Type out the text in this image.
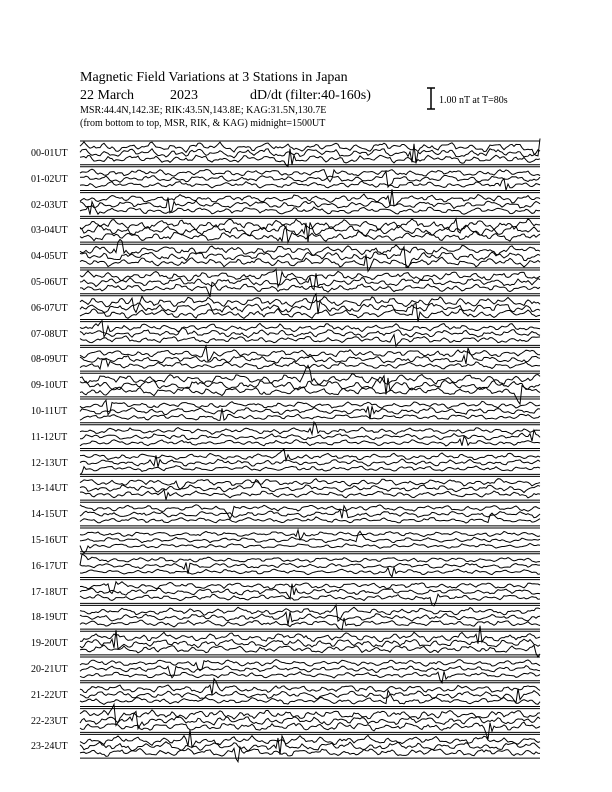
Magnetic Field Variations at 3 Stations in Japan
22 March	2023	dD/dt (filter:40-160s)
MSR:44.4N,142.3E; RIK:43.5N,143.8E; KAG:31.5N,130.7E
(from bottom to top, MSR, RIK, & KAG) midnight=1500UT
1.00 nT at T=80s
00-01UT
01-02UT
02-03UT
03-04UT
04-05UT
05-06UT
06-07UT
07-08UT
08-09UT
09-10UT
10-11UT
11-12UT
12-13UT
13-14UT
14-15UT
15-16UT
16-17UT
17-18UT
18-19UT
19-20UT
20-21UT
21-22UT
22-23UT
23-24UT
